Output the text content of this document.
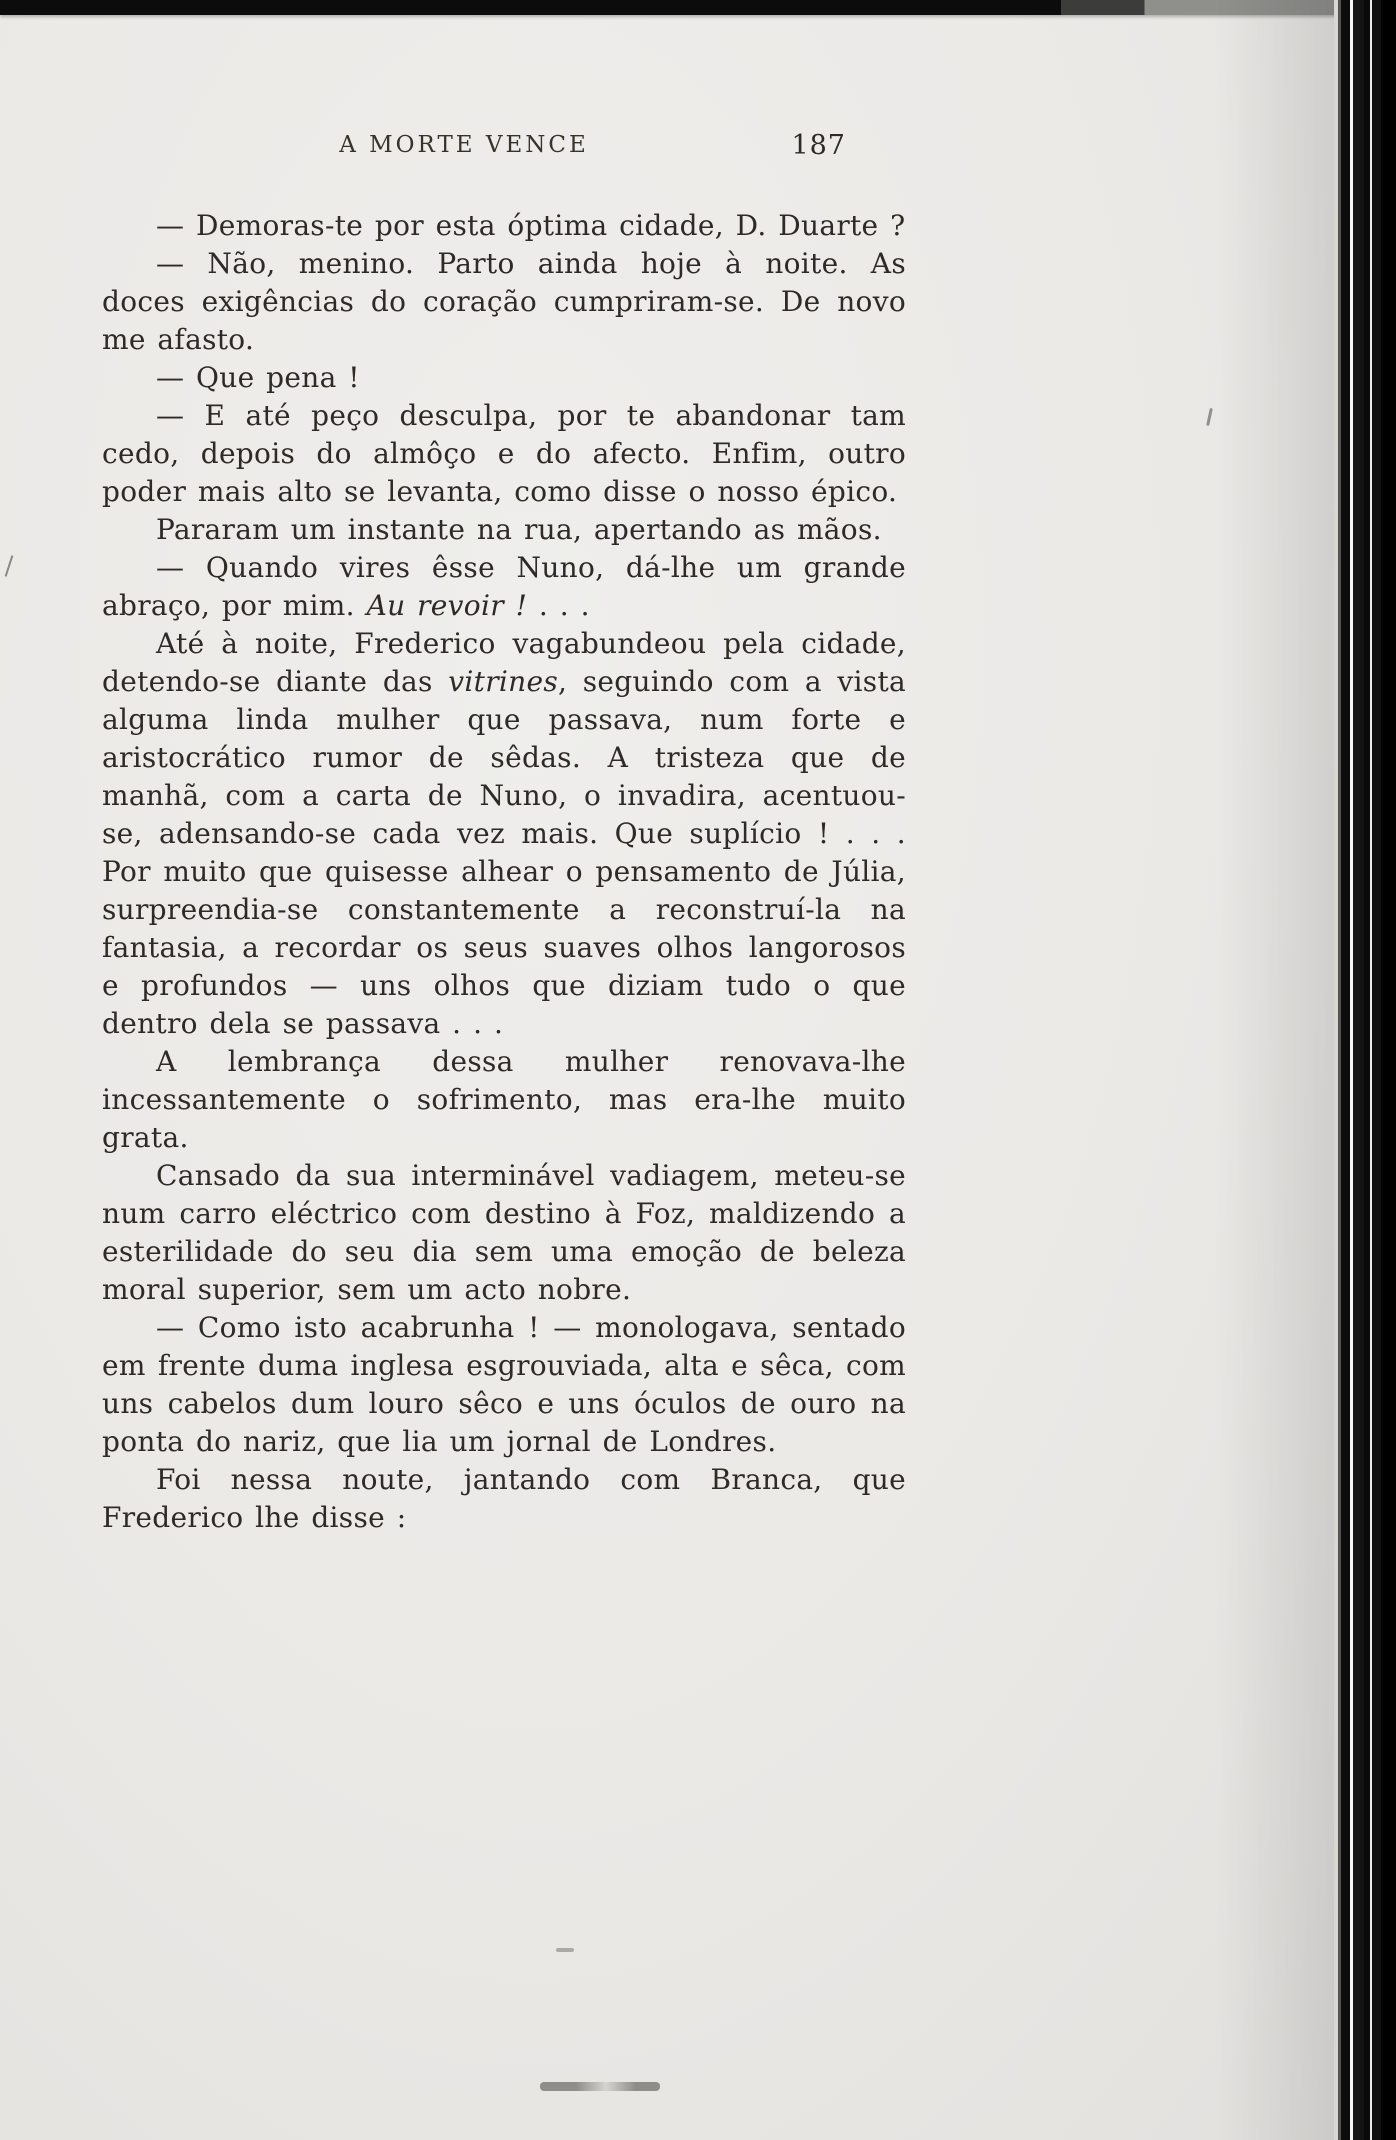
A MORTE VENCE	187

— Demoras-te por esta óptima cidade, D. Duarte ?

— Não, menino. Parto ainda hoje à noite. As doces exigências do coração cumpriram-se. De novo me afasto.

— Que pena !

— E até peço desculpa, por te abandonar tam cedo, depois do almôço e do afecto. Enfim, outro poder mais alto se levanta, como disse o nosso épico.

Pararam um instante na rua, apertando as mãos.

— Quando vires êsse Nuno, dá-lhe um grande abraço, por mim. Au revoir ! . . .

Até à noite, Frederico vagabundeou pela cidade, detendo-se diante das vitrines, seguindo com a vista alguma linda mulher que passava, num forte e aristocrático rumor de sêdas. A tristeza que de manhã, com a carta de Nuno, o invadira, acentuou-se, adensando-se cada vez mais. Que suplício ! . . . Por muito que quisesse alhear o pensamento de Júlia, surpreendia-se constantemente a reconstruí-la na fantasia, a recordar os seus suaves olhos langorosos e profundos — uns olhos que diziam tudo o que dentro dela se passava . . .

A lembrança dessa mulher renovava-lhe incessantemente o sofrimento, mas era-lhe muito grata.

Cansado da sua interminável vadiagem, meteu-se num carro eléctrico com destino à Foz, maldizendo a esterilidade do seu dia sem uma emoção de beleza moral superior, sem um acto nobre.

— Como isto acabrunha ! — monologava, sentado em frente duma inglesa esgrouviada, alta e sêca, com uns cabelos dum louro sêco e uns óculos de ouro na ponta do nariz, que lia um jornal de Londres.

Foi nessa noute, jantando com Branca, que Frederico lhe disse :
